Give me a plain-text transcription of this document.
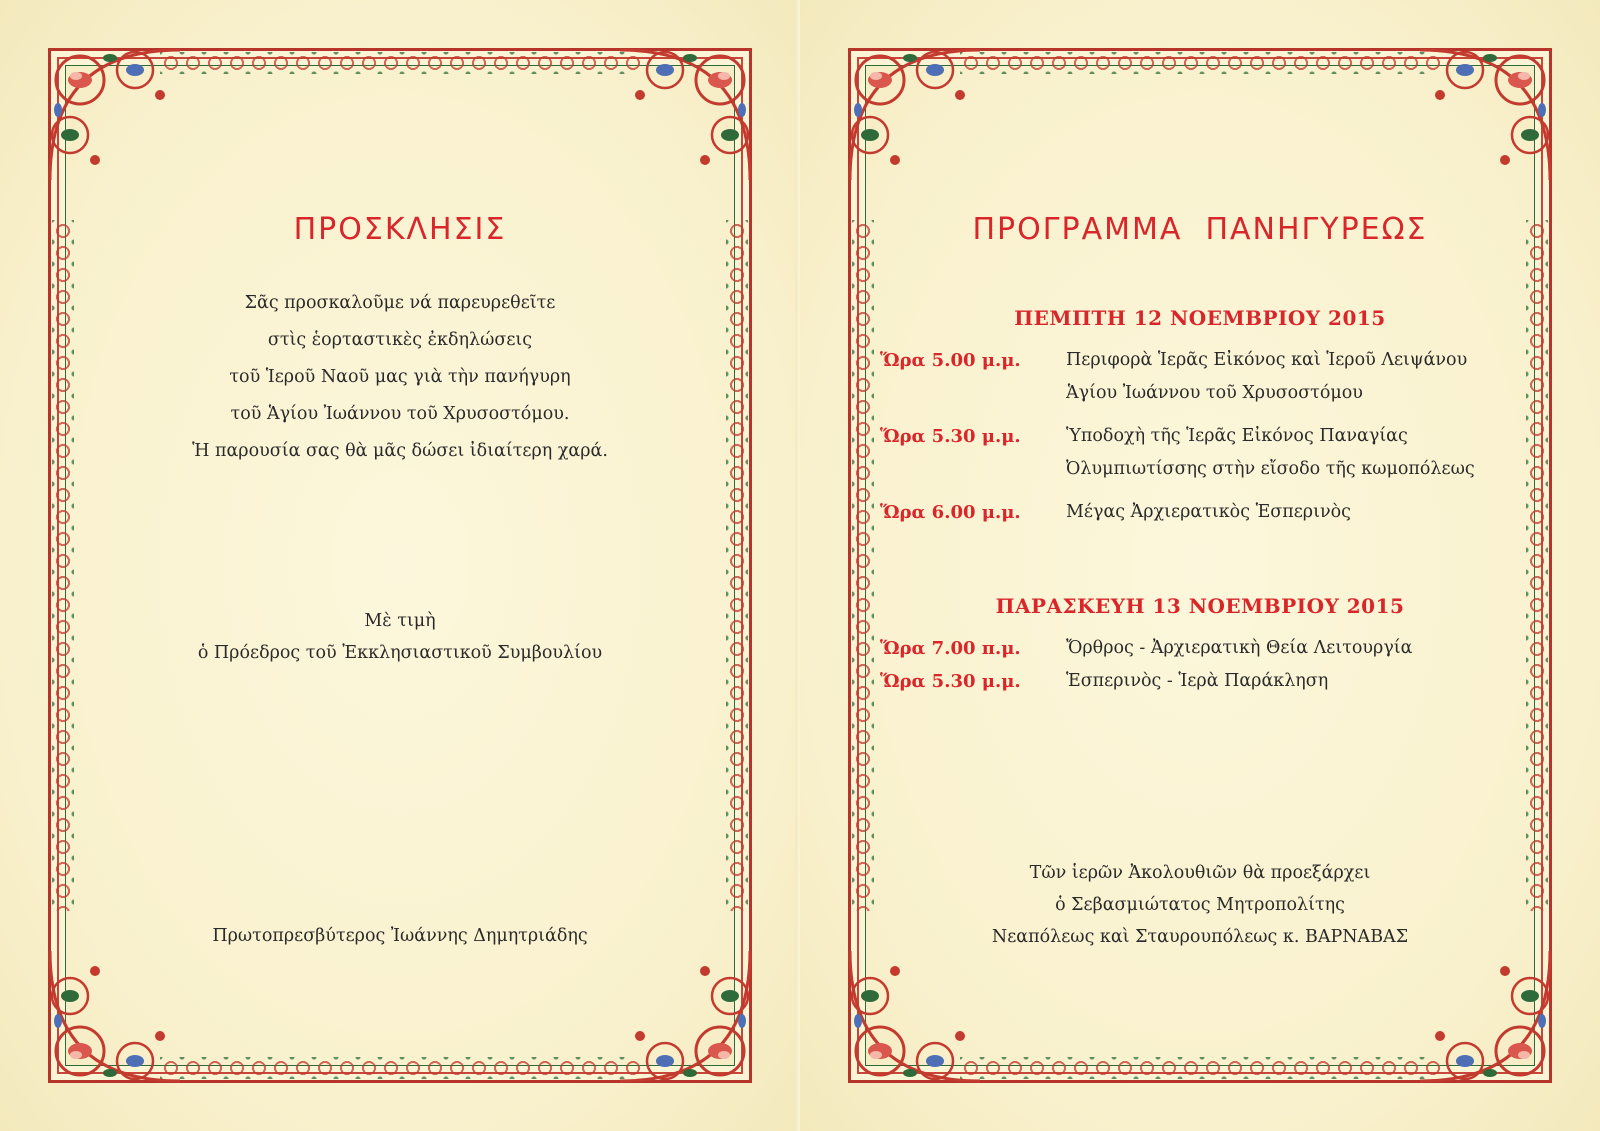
ΠΡΟΣΚΛΗΣΙΣ
Σᾶς προσκαλοῦμε νά παρευρεθεῖτε
στὶς ἑορταστικὲς ἐκδηλώσεις
τοῦ Ἱεροῦ Ναοῦ μας γιὰ τὴν πανήγυρη
τοῦ Ἁγίου Ἰωάννου τοῦ Χρυσοστόμου.
Ἡ παρουσία σας θὰ μᾶς δώσει ἰδιαίτερη χαρά.
Μὲ τιμὴ
ὁ Πρόεδρος τοῦ Ἐκκλησιαστικοῦ Συμβουλίου
Πρωτοπρεσβύτερος Ἰωάννης Δημητριάδης
ΠΡΟΓΡΑΜΜΑ  ΠΑΝΗΓΥΡΕΩΣ
ΠΕΜΠΤΗ 12 ΝΟΕΜΒΡΙΟΥ 2015
Ὥρα 5.00 μ.μ.	Περιφορὰ Ἱερᾶς Εἰκόνος καὶ Ἱεροῦ Λειψάνου Ἁγίου Ἰωάννου τοῦ Χρυσοστόμου
Ὥρα 5.30 μ.μ.	Ὑποδοχὴ τῆς Ἱερᾶς Εἰκόνος Παναγίας Ὀλυμπιωτίσσης στὴν εἴσοδο τῆς κωμοπόλεως
Ὥρα 6.00 μ.μ.	Μέγας Ἀρχιερατικὸς Ἑσπερινὸς
ΠΑΡΑΣΚΕΥΗ 13 ΝΟΕΜΒΡΙΟΥ 2015
Ὥρα 7.00 π.μ.	Ὄρθρος - Ἀρχιερατικὴ Θεία Λειτουργία
Ὥρα 5.30 μ.μ.	Ἑσπερινὸς - Ἱερὰ Παράκληση
Τῶν ἱερῶν Ἀκολουθιῶν θὰ προεξάρχει
ὁ Σεβασμιώτατος Μητροπολίτης
Νεαπόλεως καὶ Σταυρουπόλεως κ. ΒΑΡΝΑΒΑΣ
